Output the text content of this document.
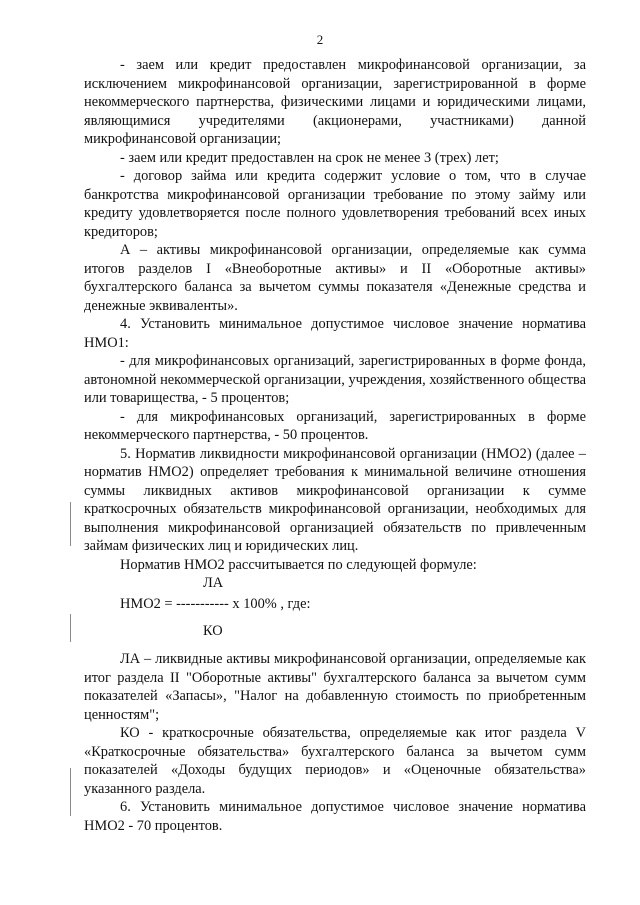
2

- заем или кредит предоставлен микрофинансовой организации, за исключением микрофинансовой организации, зарегистрированной в форме некоммерческого партнерства, физическими лицами и юридическими лицами, являющимися учредителями (акционерами, участниками) данной микрофинансовой организации;

- заем или кредит предоставлен на срок не менее 3 (трех) лет;

- договор займа или кредита содержит условие о том, что в случае банкротства микрофинансовой организации требование по этому займу или кредиту удовлетворяется после полного удовлетворения требований всех иных кредиторов;

А – активы микрофинансовой организации, определяемые как сумма итогов разделов I «Внеоборотные активы» и II «Оборотные активы» бухгалтерского баланса за вычетом суммы показателя «Денежные средства и денежные эквиваленты».

4. Установить минимальное допустимое числовое значение норматива НМО1:

- для микрофинансовых организаций, зарегистрированных в форме фонда, автономной некоммерческой организации, учреждения, хозяйственного общества или товарищества, - 5 процентов;

- для микрофинансовых организаций, зарегистрированных в форме некоммерческого партнерства, - 50 процентов.

5. Норматив ликвидности микрофинансовой организации (НМО2) (далее – норматив НМО2) определяет требования к минимальной величине отношения суммы ликвидных активов микрофинансовой организации к сумме краткосрочных обязательств микрофинансовой организации, необходимых для выполнения микрофинансовой организацией обязательств по привлеченным займам физических лиц и юридических лиц.

Норматив НМО2 рассчитывается по следующей формуле:

ЛА
НМО2 = ----------- x 100% , где:
КО

ЛА – ликвидные активы микрофинансовой организации, определяемые как итог раздела II "Оборотные активы" бухгалтерского баланса за вычетом сумм показателей «Запасы», "Налог на добавленную стоимость по приобретенным ценностям";

КО - краткосрочные обязательства, определяемые как итог раздела V «Краткосрочные обязательства» бухгалтерского баланса за вычетом сумм показателей «Доходы будущих периодов» и «Оценочные обязательства» указанного раздела.

6. Установить минимальное допустимое числовое значение норматива НМО2 - 70 процентов.
